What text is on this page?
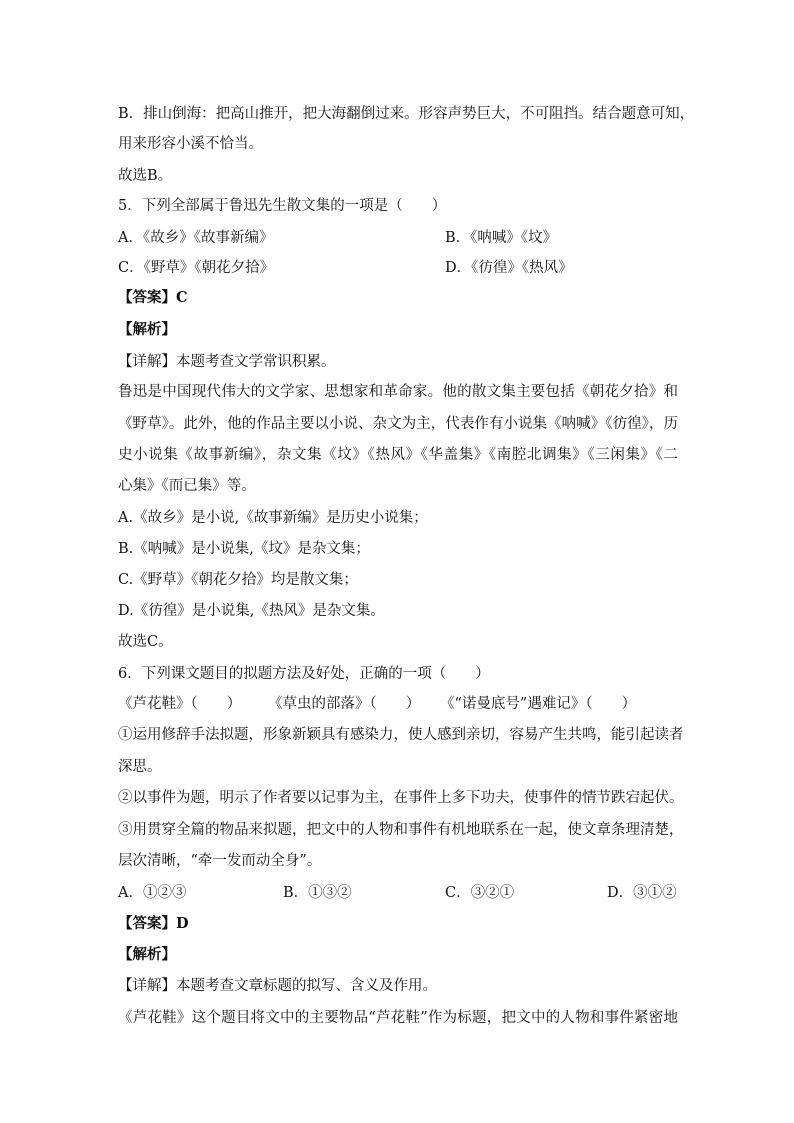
B．排山倒海：把高山推开，把大海翻倒过来。形容声势巨大，不可阻挡。结合题意可知，
用来形容小溪不恰当。
故选B。
5．下列全部属于鲁迅先生散文集的一项是（　　）
A．《故乡》《故事新编》	B．《呐喊》《坟》
C．《野草》《朝花夕拾》	D．《彷徨》《热风》
【答案】C
【解析】
【详解】本题考查文学常识积累。
鲁迅是中国现代伟大的文学家、思想家和革命家。他的散文集主要包括《朝花夕拾》和
《野草》。此外，他的作品主要以小说、杂文为主，代表作有小说集《呐喊》《彷徨》，历
史小说集《故事新编》，杂文集《坟》《热风》《华盖集》《南腔北调集》《三闲集》《二
心集》《而已集》等。
A.《故乡》是小说,《故事新编》是历史小说集；
B.《呐喊》是小说集,《坟》是杂文集；
C.《野草》《朝花夕拾》均是散文集；
D.《彷徨》是小说集,《热风》是杂文集。
故选C。
6．下列课文题目的拟题方法及好处，正确的一项（　　）
《芦花鞋》（　　） 《草虫的部落》（　　） 《“诺曼底号”遇难记》（　　）
①运用修辞手法拟题，形象新颖具有感染力，使人感到亲切，容易产生共鸣，能引起读者
深思。
②以事件为题，明示了作者要以记事为主，在事件上多下功夫，使事件的情节跌宕起伏。
③用贯穿全篇的物品来拟题，把文中的人物和事件有机地联系在一起，使文章条理清楚，
层次清晰，“牵一发而动全身”。
A．①②③	B．①③②	C．③②①	D．③①②
【答案】D
【解析】
【详解】本题考查文章标题的拟写、含义及作用。
《芦花鞋》这个题目将文中的主要物品“芦花鞋”作为标题，把文中的人物和事件紧密地
